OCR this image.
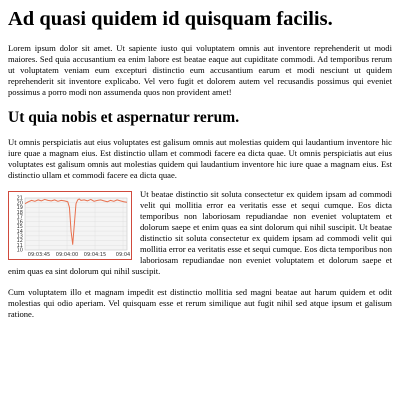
Ad quasi quidem id quisquam facilis.

Lorem ipsum dolor sit amet. Ut sapiente iusto qui voluptatem omnis aut inventore reprehenderit ut modi maiores. Sed quia accusantium ea enim labore est beatae eaque aut cupiditate commodi. Ad temporibus rerum ut voluptatem veniam eum excepturi distinctio eum accusantium earum et modi nesciunt ut quidem reprehenderit sit inventore explicabo. Vel vero fugit et dolorem autem vel recusandis possimus qui eveniet possimus a porro modi non assumenda quos non provident amet!

Ut quia nobis et aspernatur rerum.

Ut omnis perspiciatis aut eius voluptates est galisum omnis aut molestias quidem qui laudantium inventore hic iure quae a magnam eius. Est distinctio ullam et commodi facere ea dicta quae. Ut omnis perspiciatis aut eius voluptates est galisum omnis aut molestias quidem qui laudantium inventore hic iure quae a magnam eius. Est distinctio ullam et commodi facere ea dicta quae.

21
20
19
18
17
16
15
14
13
12
11
10
09:03:45 09:04:00 09:04:15 09:04

Ut beatae distinctio sit soluta consectetur ex quidem ipsam ad commodi velit qui mollitia error ea veritatis esse et sequi cumque. Eos dicta temporibus non laboriosam repudiandae non eveniet voluptatem et dolorum saepe et enim quas ea sint dolorum qui nihil suscipit. Ut beatae distinctio sit soluta consectetur ex quidem ipsam ad commodi velit qui mollitia error ea veritatis esse et sequi cumque. Eos dicta temporibus non laboriosam repudiandae non eveniet voluptatem et dolorum saepe et enim quas ea sint dolorum qui nihil suscipit.

Cum voluptatem illo et magnam impedit est distinctio mollitia sed magni beatae aut harum quidem et odit molestias qui odio aperiam. Vel quisquam esse et rerum similique aut fugit nihil sed atque ipsum et galisum ratione.
